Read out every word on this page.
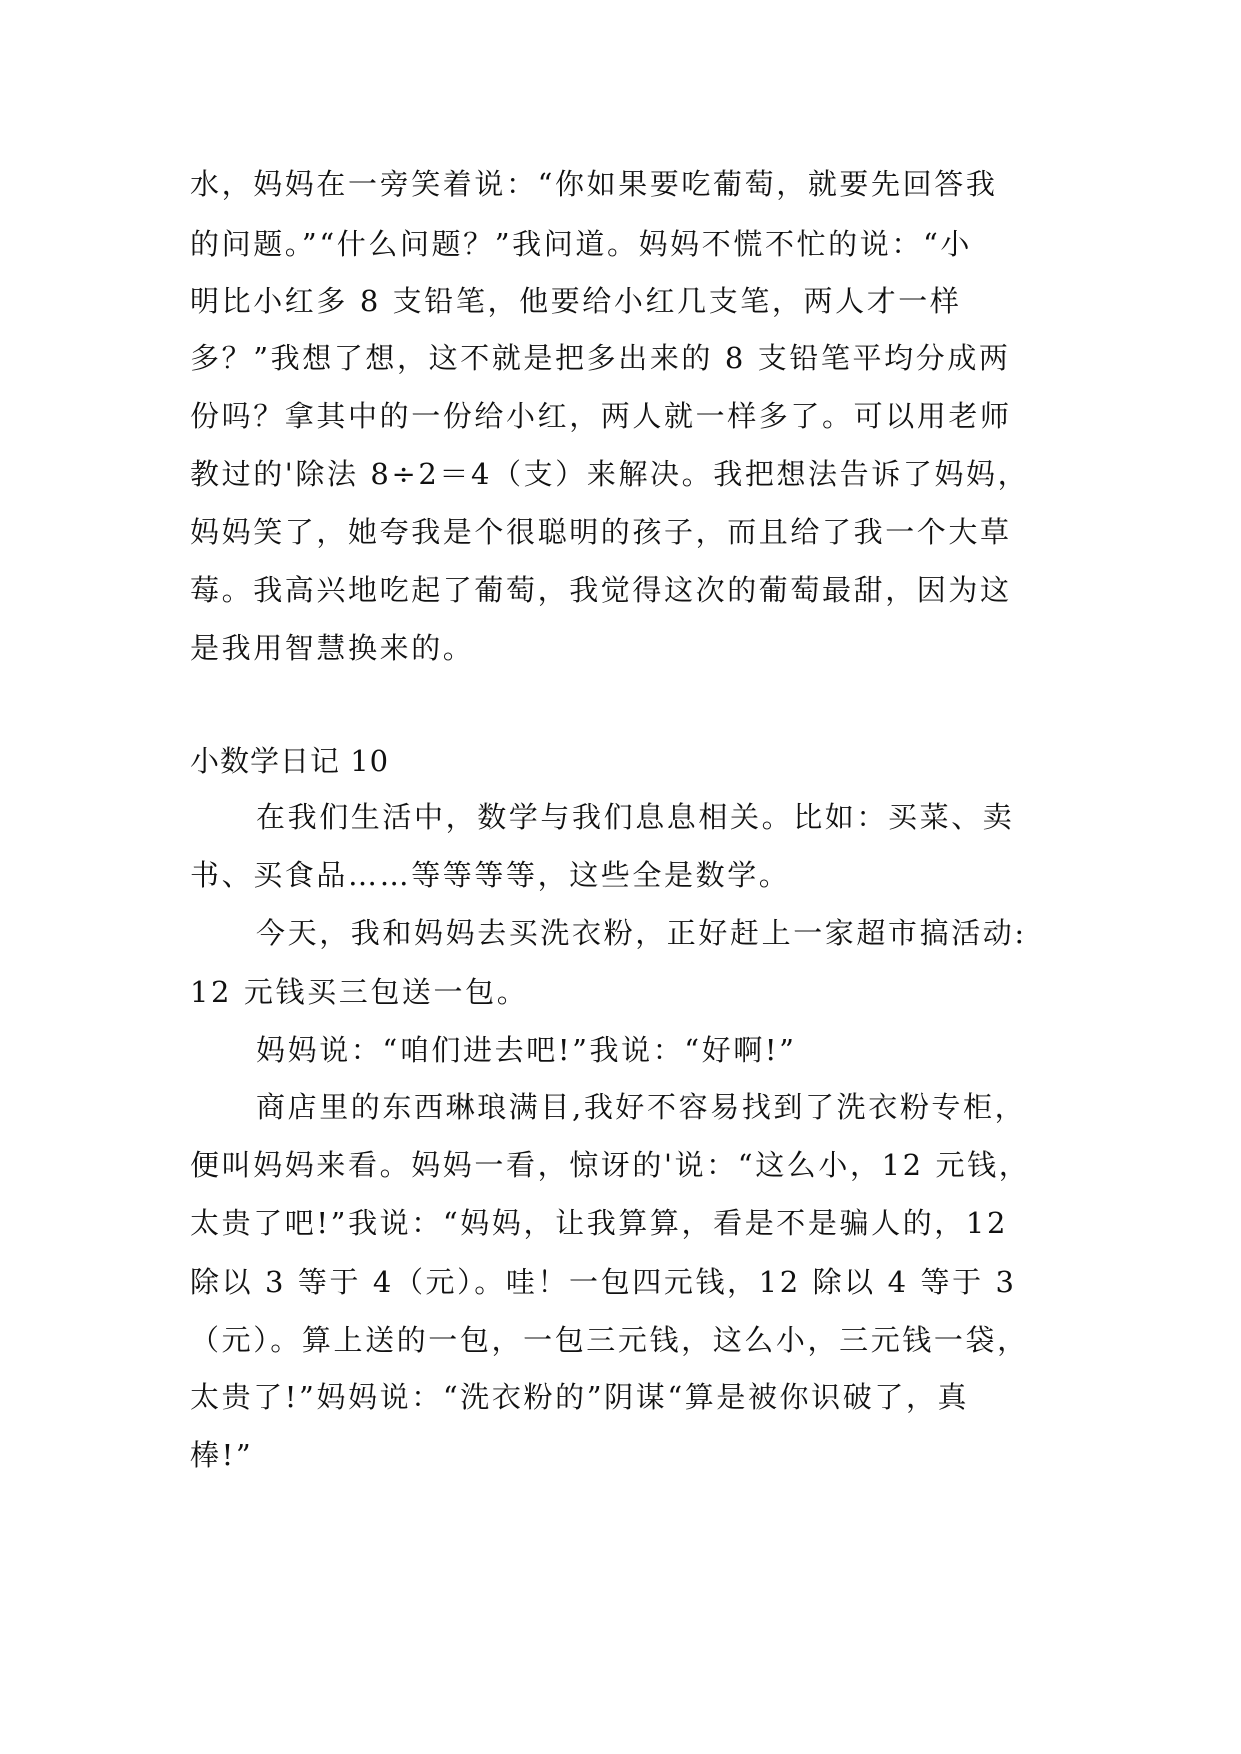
水，妈妈在一旁笑着说：“你如果要吃葡萄，就要先回答我
的问题。”“什么问题？”我问道。妈妈不慌不忙的说：“小
明比小红多 8 支铅笔，他要给小红几支笔，两人才一样
多？”我想了想，这不就是把多出来的 8 支铅笔平均分成两
份吗？拿其中的一份给小红，两人就一样多了。可以用老师
教过的'除法 8÷2＝4（支）来解决。我把想法告诉了妈妈，
妈妈笑了，她夸我是个很聪明的孩子，而且给了我一个大草
莓。我高兴地吃起了葡萄，我觉得这次的葡萄最甜，因为这
是我用智慧换来的。
小数学日记 10
在我们生活中，数学与我们息息相关。比如：买菜、卖
书、买食品……等等等等，这些全是数学。
今天，我和妈妈去买洗衣粉，正好赶上一家超市搞活动:
12 元钱买三包送一包。
妈妈说：“咱们进去吧!”我说：“好啊!”
商店里的东西琳琅满目,我好不容易找到了洗衣粉专柜，
便叫妈妈来看。妈妈一看，惊讶的'说：“这么小，12 元钱，
太贵了吧!”我说：“妈妈，让我算算，看是不是骗人的，12
除以 3 等于 4（元）。哇！一包四元钱，12 除以 4 等于 3
（元）。算上送的一包，一包三元钱，这么小，三元钱一袋，
太贵了!”妈妈说：“洗衣粉的”阴谋“算是被你识破了，真
棒!”
